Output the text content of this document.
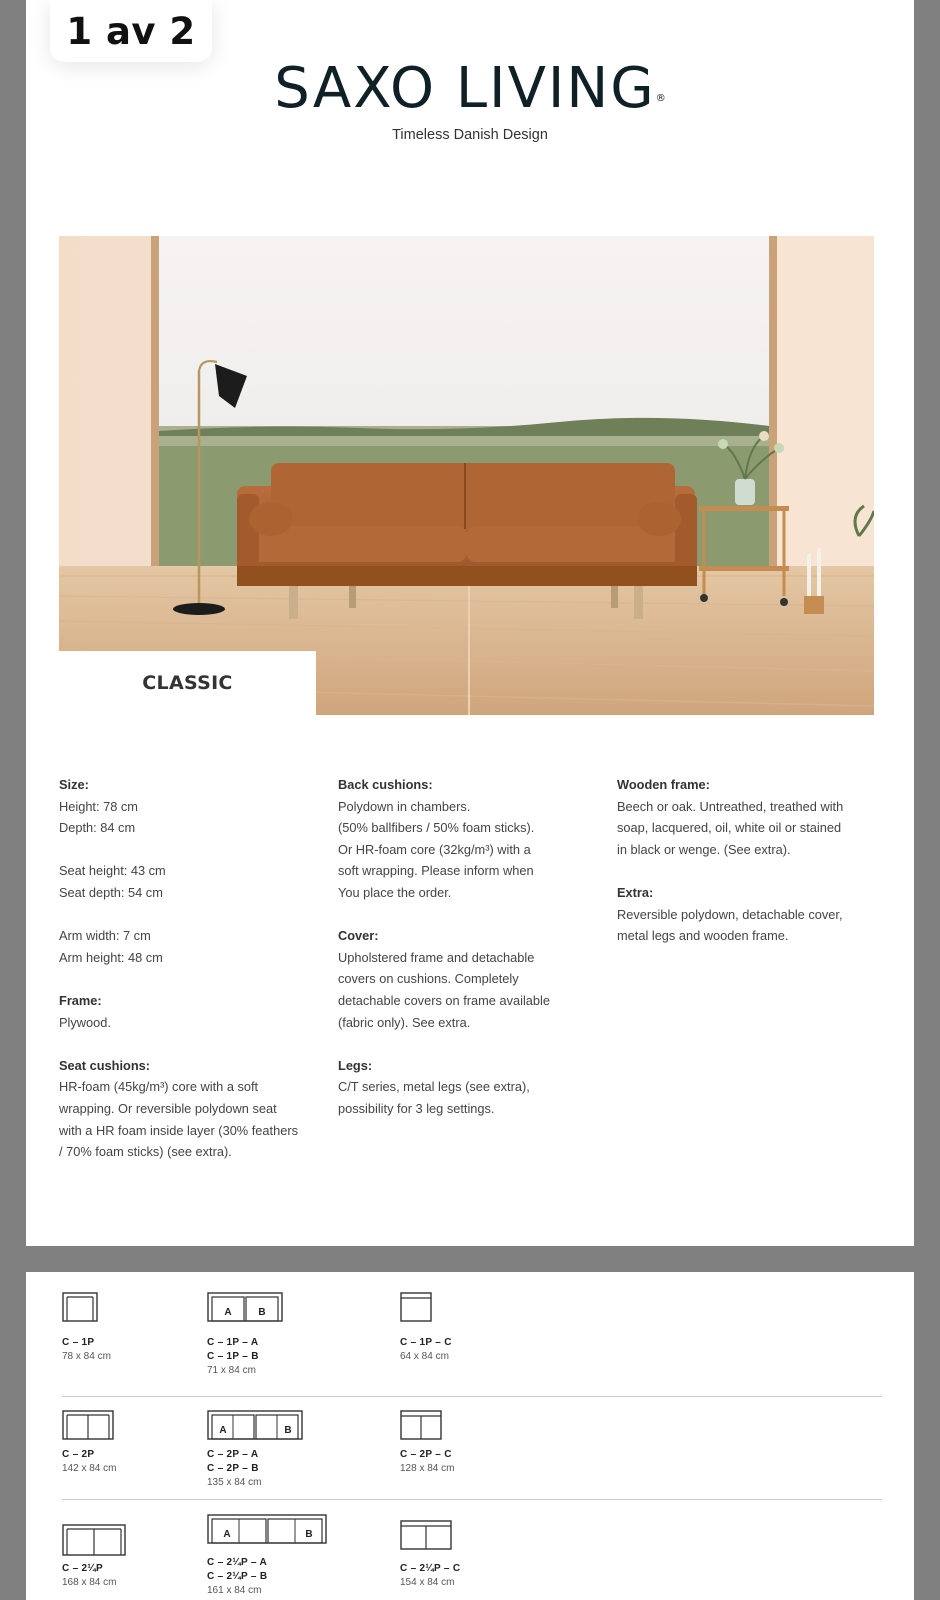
1 av 2
SAXO LIVING®
Timeless Danish Design
CLASSIC
Size:
Height: 78 cm
Depth: 84 cm
Seat height: 43 cm
Seat depth: 54 cm
Arm width: 7 cm
Arm height: 48 cm
Frame:
Plywood.
Seat cushions:
HR-foam (45kg/m³) core with a soft
wrapping. Or reversible polydown seat
with a HR foam inside layer (30% feathers
/ 70% foam sticks) (see extra).
Back cushions:
Polydown in chambers.
(50% ballfibers / 50% foam sticks).
Or HR-foam core (32kg/m³) with a
soft wrapping. Please inform when
You place the order.
Cover:
Upholstered frame and detachable
covers on cushions. Completely
detachable covers on frame available
(fabric only). See extra.
Legs:
C/T series, metal legs (see extra),
possibility for 3 leg settings.
Wooden frame:
Beech or oak. Untreathed, treathed with
soap, lacquered, oil, white oil or stained
in black or wenge. (See extra).
Extra:
Reversible polydown, detachable cover,
metal legs and wooden frame.
C – 1P
78 x 84 cm
A	B
C – 1P – A
C – 1P – B
71 x 84 cm
C – 1P – C
64 x 84 cm
C – 2P
142 x 84 cm
A	B
C – 2P – A
C – 2P – B
135 x 84 cm
C – 2P – C
128 x 84 cm
C – 2¼P
168 x 84 cm
A	B
C – 2¼P – A
C – 2¼P – B
161 x 84 cm
C – 2¼P – C
154 x 84 cm
